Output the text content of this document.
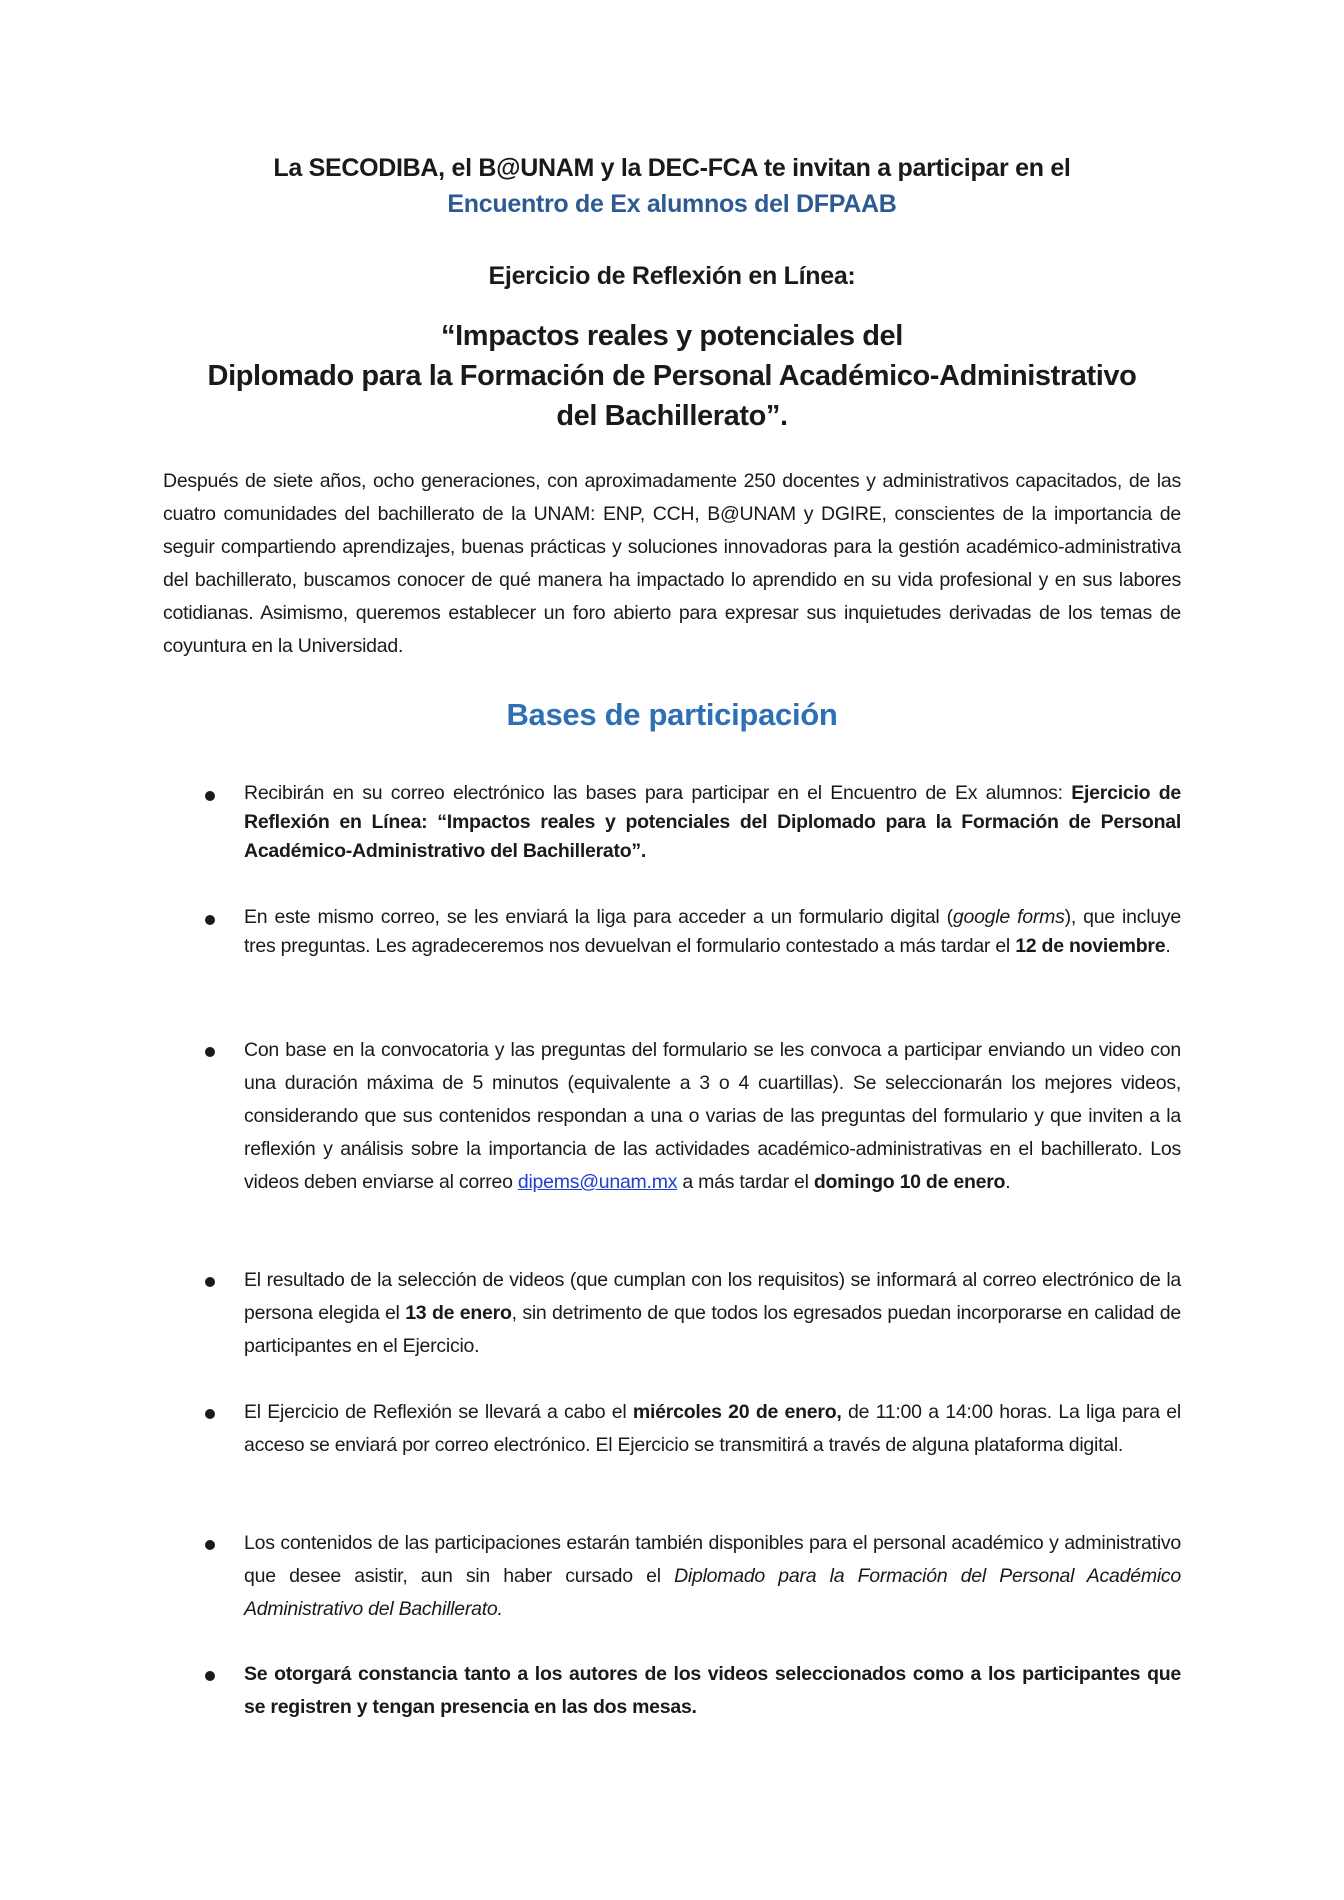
La SECODIBA, el B@UNAM y la DEC-FCA te invitan a participar en el
Encuentro de Ex alumnos del DFPAAB
Ejercicio de Reflexión en Línea:
“Impactos reales y potenciales del
Diplomado para la Formación de Personal Académico-Administrativo
del Bachillerato”.
Después de siete años, ocho generaciones, con aproximadamente 250 docentes y administrativos capacitados, de las cuatro comunidades del bachillerato de la UNAM: ENP, CCH, B@UNAM y DGIRE, conscientes de la importancia de seguir compartiendo aprendizajes, buenas prácticas y soluciones innovadoras para la gestión académico-administrativa del bachillerato, buscamos conocer de qué manera ha impactado lo aprendido en su vida profesional y en sus labores cotidianas. Asimismo, queremos establecer un foro abierto para expresar sus inquietudes derivadas de los temas de coyuntura en la Universidad.
Bases de participación
Recibirán en su correo electrónico las bases para participar en el Encuentro de Ex alumnos: Ejercicio de Reflexión en Línea: “Impactos reales y potenciales del Diplomado para la Formación de Personal Académico-Administrativo del Bachillerato”.
En este mismo correo, se les enviará la liga para acceder a un formulario digital (google forms), que incluye tres preguntas. Les agradeceremos nos devuelvan el formulario contestado a más tardar el 12 de noviembre.
Con base en la convocatoria y las preguntas del formulario se les convoca a participar enviando un video con una duración máxima de 5 minutos (equivalente a 3 o 4 cuartillas). Se seleccionarán los mejores videos, considerando que sus contenidos respondan a una o varias de las preguntas del formulario y que inviten a la reflexión y análisis sobre la importancia de las actividades académico-administrativas en el bachillerato. Los videos deben enviarse al correo dipems@unam.mx a más tardar el domingo 10 de enero.
El resultado de la selección de videos (que cumplan con los requisitos) se informará al correo electrónico de la persona elegida el 13 de enero, sin detrimento de que todos los egresados puedan incorporarse en calidad de participantes en el Ejercicio.
El Ejercicio de Reflexión se llevará a cabo el miércoles 20 de enero, de 11:00 a 14:00 horas. La liga para el acceso se enviará por correo electrónico. El Ejercicio se transmitirá a través de alguna plataforma digital.
Los contenidos de las participaciones estarán también disponibles para el personal académico y administrativo que desee asistir, aun sin haber cursado el Diplomado para la Formación del Personal Académico Administrativo del Bachillerato.
Se otorgará constancia tanto a los autores de los videos seleccionados como a los participantes que se registren y tengan presencia en las dos mesas.
